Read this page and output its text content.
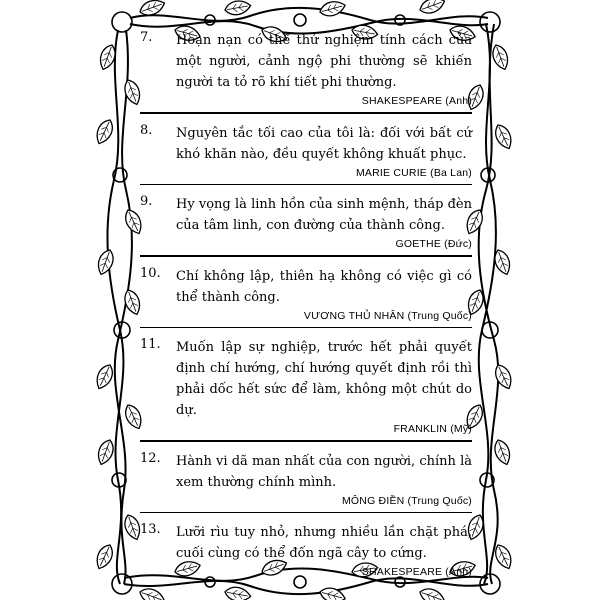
7. Hoạn nạn có thể thử nghiệm tính cách của một người, cảnh ngộ phi thường sẽ khiến người ta tỏ rõ khí tiết phi thường.
SHAKESPEARE (Anh)
8. Nguyên tắc tối cao của tôi là: đối với bất cứ khó khăn nào, đều quyết không khuất phục.
MARIE CURIE (Ba Lan)
9. Hy vọng là linh hồn của sinh mệnh, tháp đèn của tâm linh, con đường của thành công.
GOETHE (Đức)
10. Chí không lập, thiên hạ không có việc gì có thể thành công.
VƯƠNG THỦ NHÂN (Trung Quốc)
11. Muốn lập sự nghiệp, trước hết phải quyết định chí hướng, chí hướng quyết định rồi thì phải dốc hết sức để làm, không một chút do dự.
FRANKLIN (Mỹ)
12. Hành vi dã man nhất của con người, chính là xem thường chính mình.
MÔNG ĐIỀN (Trung Quốc)
13. Lưỡi rìu tuy nhỏ, nhưng nhiều lần chặt phá, cuối cùng có thể đốn ngã cây to cứng.
SHAKESPEARE (Anh)
